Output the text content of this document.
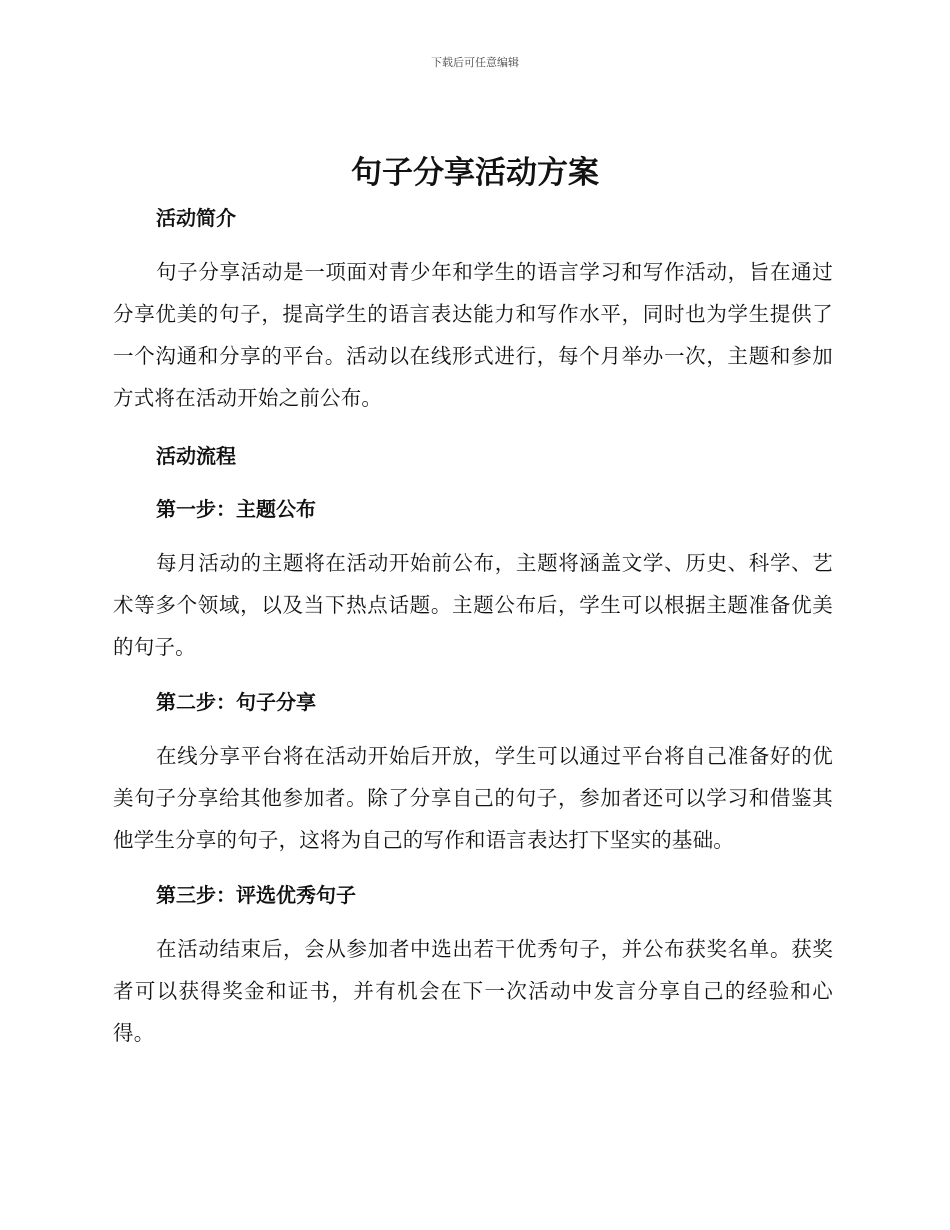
下载后可任意编辑
句子分享活动方案
活动简介

句子分享活动是一项面对青少年和学生的语言学习和写作活动，旨在通过分享优美的句子，提高学生的语言表达能力和写作水平，同时也为学生提供了一个沟通和分享的平台。活动以在线形式进行，每个月举办一次，主题和参加方式将在活动开始之前公布。

活动流程
第一步：主题公布

每月活动的主题将在活动开始前公布，主题将涵盖文学、历史、科学、艺术等多个领域，以及当下热点话题。主题公布后，学生可以根据主题准备优美的句子。

第二步：句子分享

在线分享平台将在活动开始后开放，学生可以通过平台将自己准备好的优美句子分享给其他参加者。除了分享自己的句子，参加者还可以学习和借鉴其他学生分享的句子，这将为自己的写作和语言表达打下坚实的基础。

第三步：评选优秀句子

在活动结束后，会从参加者中选出若干优秀句子，并公布获奖名单。获奖者可以获得奖金和证书，并有机会在下一次活动中发言分享自己的经验和心得。
